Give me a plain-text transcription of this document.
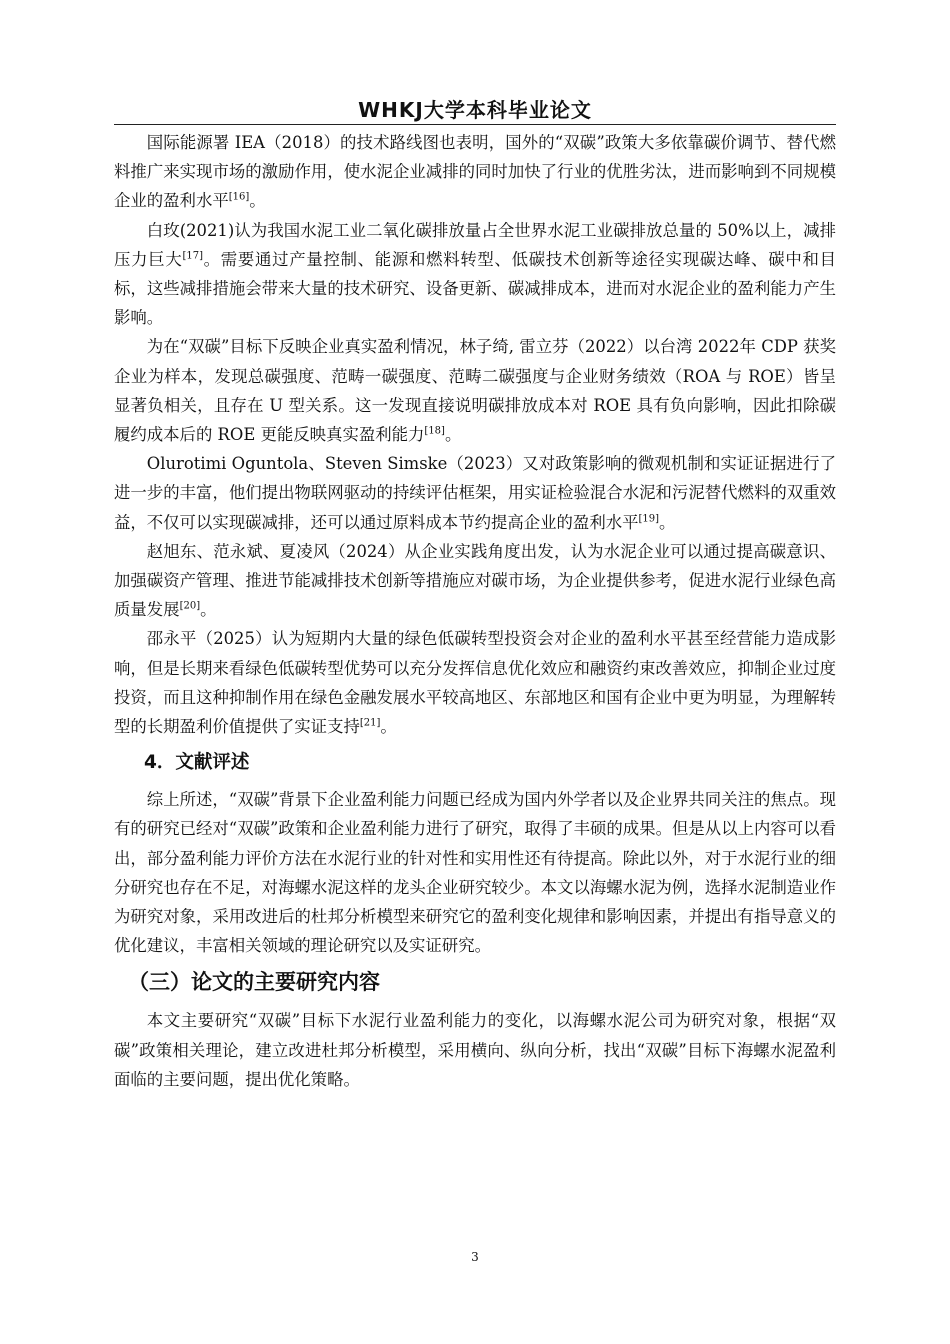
WHKJ大学本科毕业论文

国际能源署 IEA（2018）的技术路线图也表明，国外的“双碳”政策大多依靠碳价调节、替代燃料推广来实现市场的激励作用，使水泥企业减排的同时加快了行业的优胜劣汰，进而影响到不同规模企业的盈利水平[16]。

白玫(2021)认为我国水泥工业二氧化碳排放量占全世界水泥工业碳排放总量的 50%以上，减排压力巨大[17]。需要通过产量控制、能源和燃料转型、低碳技术创新等途径实现碳达峰、碳中和目标，这些减排措施会带来大量的技术研究、设备更新、碳减排成本，进而对水泥企业的盈利能力产生影响。

为在“双碳”目标下反映企业真实盈利情况，林子绮, 雷立芬（2022）以台湾 2022年 CDP 获奖企业为样本，发现总碳强度、范畴一碳强度、范畴二碳强度与企业财务绩效（ROA 与 ROE）皆呈显著负相关，且存在 U 型关系。这一发现直接说明碳排放成本对 ROE 具有负向影响，因此扣除碳履约成本后的 ROE 更能反映真实盈利能力[18]。

Olurotimi Oguntola、Steven Simske（2023）又对政策影响的微观机制和实证证据进行了进一步的丰富，他们提出物联网驱动的持续评估框架，用实证检验混合水泥和污泥替代燃料的双重效益，不仅可以实现碳减排，还可以通过原料成本节约提高企业的盈利水平[19]。

赵旭东、范永斌、夏凌风（2024）从企业实践角度出发，认为水泥企业可以通过提高碳意识、加强碳资产管理、推进节能减排技术创新等措施应对碳市场，为企业提供参考，促进水泥行业绿色高质量发展[20]。

邵永平（2025）认为短期内大量的绿色低碳转型投资会对企业的盈利水平甚至经营能力造成影响，但是长期来看绿色低碳转型优势可以充分发挥信息优化效应和融资约束改善效应，抑制企业过度投资，而且这种抑制作用在绿色金融发展水平较高地区、东部地区和国有企业中更为明显，为理解转型的长期盈利价值提供了实证支持[21]。

4．文献评述

综上所述，“双碳”背景下企业盈利能力问题已经成为国内外学者以及企业界共同关注的焦点。现有的研究已经对“双碳”政策和企业盈利能力进行了研究，取得了丰硕的成果。但是从以上内容可以看出，部分盈利能力评价方法在水泥行业的针对性和实用性还有待提高。除此以外，对于水泥行业的细分研究也存在不足，对海螺水泥这样的龙头企业研究较少。本文以海螺水泥为例，选择水泥制造业作为研究对象，采用改进后的杜邦分析模型来研究它的盈利变化规律和影响因素，并提出有指导意义的优化建议，丰富相关领域的理论研究以及实证研究。

（三）论文的主要研究内容

本文主要研究“双碳”目标下水泥行业盈利能力的变化，以海螺水泥公司为研究对象，根据“双碳”政策相关理论，建立改进杜邦分析模型，采用横向、纵向分析，找出“双碳”目标下海螺水泥盈利面临的主要问题，提出优化策略。

3
